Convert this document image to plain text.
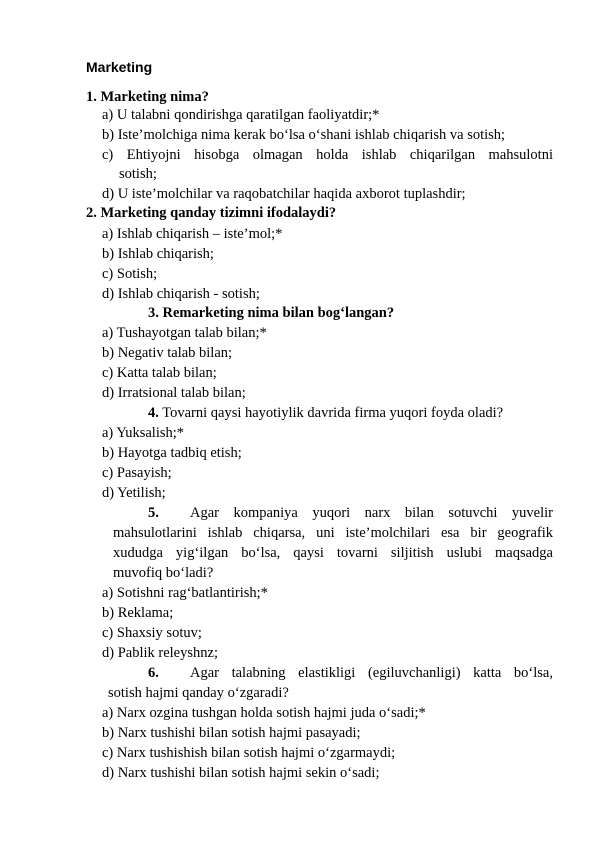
Marketing
1. Marketing nima?
a) U talabni qondirishga qaratilgan faoliyatdir;*
b) Iste’molchiga nima kerak bo‘lsa o‘shani ishlab chiqarish va sotish;
c) Ehtiyojni hisobga olmagan holda ishlab chiqarilgan mahsulotni
sotish;
d) U iste’molchilar va raqobatchilar haqida axborot tuplashdir;
2. Marketing qanday tizimni ifodalaydi?
a) Ishlab chiqarish – iste’mol;*
b) Ishlab chiqarish;
c) Sotish;
d) Ishlab chiqarish - sotish;
3. Remarketing nima bilan bog‘langan?
a) Tushayotgan talab bilan;*
b) Negativ talab bilan;
c) Katta talab bilan;
d) Irratsional talab bilan;
4. Tovarni qaysi hayotiylik davrida firma yuqori foyda oladi?
a) Yuksalish;*
b) Hayotga tadbiq etish;
c) Pasayish;
d) Yetilish;
5. Agar kompaniya yuqori narx bilan sotuvchi yuvelir
mahsulotlarini ishlab chiqarsa, uni iste’molchilari esa bir geografik
xududga yig‘ilgan bo‘lsa, qaysi tovarni siljitish uslubi maqsadga
muvofiq bo‘ladi?
a) Sotishni rag‘batlantirish;*
b) Reklama;
c) Shaxsiy sotuv;
d) Pablik releyshnz;
6. Agar talabning elastikligi (egiluvchanligi) katta bo‘lsa,
sotish hajmi qanday o‘zgaradi?
a) Narx ozgina tushgan holda sotish hajmi juda o‘sadi;*
b) Narx tushishi bilan sotish hajmi pasayadi;
c) Narx tushishish bilan sotish hajmi o‘zgarmaydi;
d) Narx tushishi bilan sotish hajmi sekin o‘sadi;
